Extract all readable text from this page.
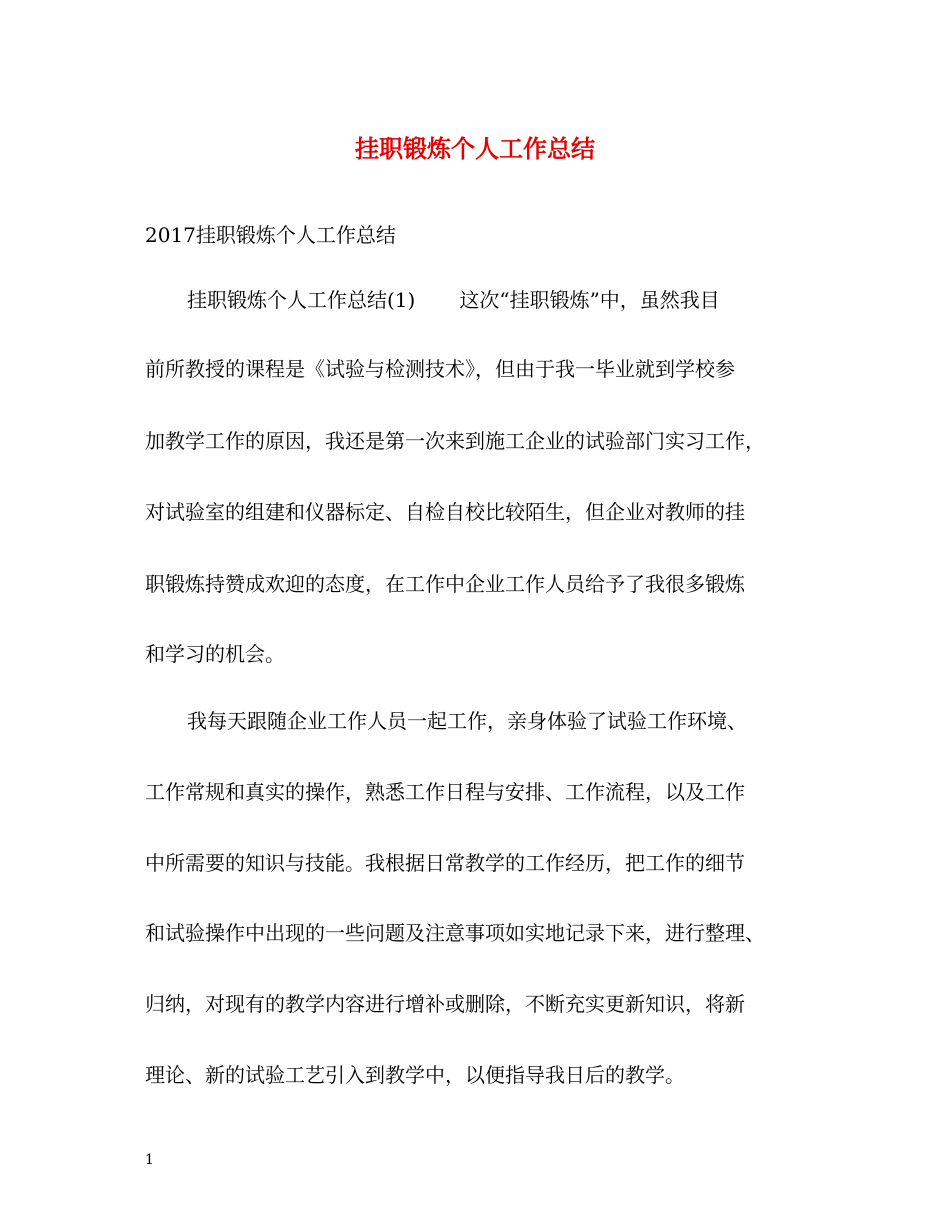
挂职锻炼个人工作总结
2017挂职锻炼个人工作总结
挂职锻炼个人工作总结(1) 这次“挂职锻炼”中，虽然我目
前所教授的课程是《试验与检测技术》，但由于我一毕业就到学校参
加教学工作的原因，我还是第一次来到施工企业的试验部门实习工作，
对试验室的组建和仪器标定、自检自校比较陌生，但企业对教师的挂
职锻炼持赞成欢迎的态度，在工作中企业工作人员给予了我很多锻炼
和学习的机会。
我每天跟随企业工作人员一起工作，亲身体验了试验工作环境、
工作常规和真实的操作，熟悉工作日程与安排、工作流程，以及工作
中所需要的知识与技能。我根据日常教学的工作经历，把工作的细节
和试验操作中出现的一些问题及注意事项如实地记录下来，进行整理、
归纳，对现有的教学内容进行增补或删除，不断充实更新知识，将新
理论、新的试验工艺引入到教学中，以便指导我日后的教学。
1
